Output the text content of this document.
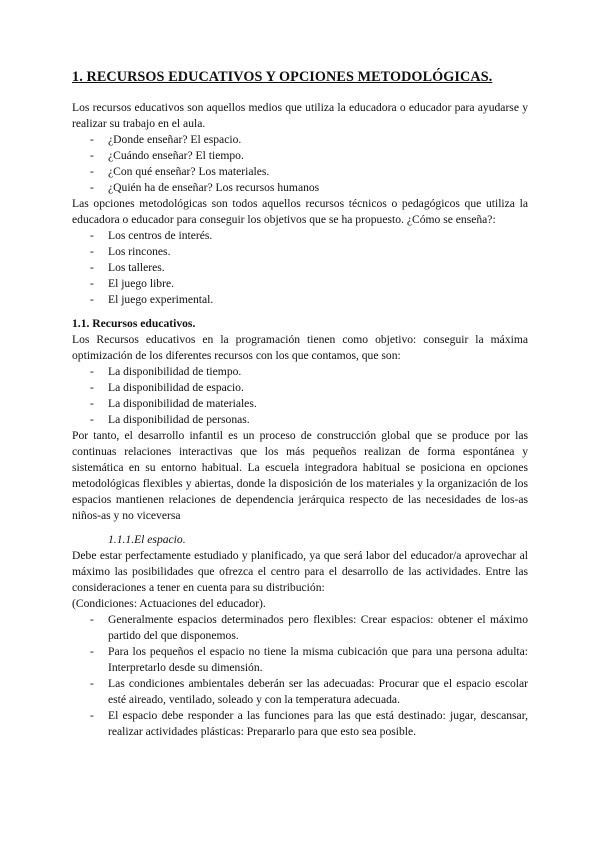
1. RECURSOS EDUCATIVOS Y OPCIONES METODOLÓGICAS.

Los recursos educativos son aquellos medios que utiliza la educadora o educador para ayudarse y realizar su trabajo en el aula.

- ¿Donde enseñar? El espacio.
- ¿Cuándo enseñar? El tiempo.
- ¿Con qué enseñar? Los materiales.
- ¿Quién ha de enseñar? Los recursos humanos

Las opciones metodológicas son todos aquellos recursos técnicos o pedagógicos que utiliza la educadora o educador para conseguir los objetivos que se ha propuesto. ¿Cómo se enseña?:

- Los centros de interés.
- Los rincones.
- Los talleres.
- El juego libre.
- El juego experimental.
1.1. Recursos educativos.

Los Recursos educativos en la programación tienen como objetivo: conseguir la máxima optimización de los diferentes recursos con los que contamos, que son:

- La disponibilidad de tiempo.
- La disponibilidad de espacio.
- La disponibilidad de materiales.
- La disponibilidad de personas.

Por tanto, el desarrollo infantil es un proceso de construcción global que se produce por las continuas relaciones interactivas que los más pequeños realizan de forma espontánea y sistemática en su entorno habitual. La escuela integradora habitual se posiciona en opciones metodológicas flexibles y abiertas, donde la disposición de los materiales y la organización de los espacios mantienen relaciones de dependencia jerárquica respecto de las necesidades de los-as niños-as y no viceversa

1.1.1.El espacio.

Debe estar perfectamente estudiado y planificado, ya que será labor del educador/a aprovechar al máximo las posibilidades que ofrezca el centro para el desarrollo de las actividades. Entre las consideraciones a tener en cuenta para su distribución:

(Condiciones: Actuaciones del educador).

- Generalmente espacios determinados pero flexibles: Crear espacios: obtener el máximo partido del que disponemos.

- Para los pequeños el espacio no tiene la misma cubicación que para una persona adulta: Interpretarlo desde su dimensión.

- Las condiciones ambientales deberán ser las adecuadas: Procurar que el espacio escolar esté aireado, ventilado, soleado y con la temperatura adecuada.

- El espacio debe responder a las funciones para las que está destinado: jugar, descansar, realizar actividades plásticas: Prepararlo para que esto sea posible.
